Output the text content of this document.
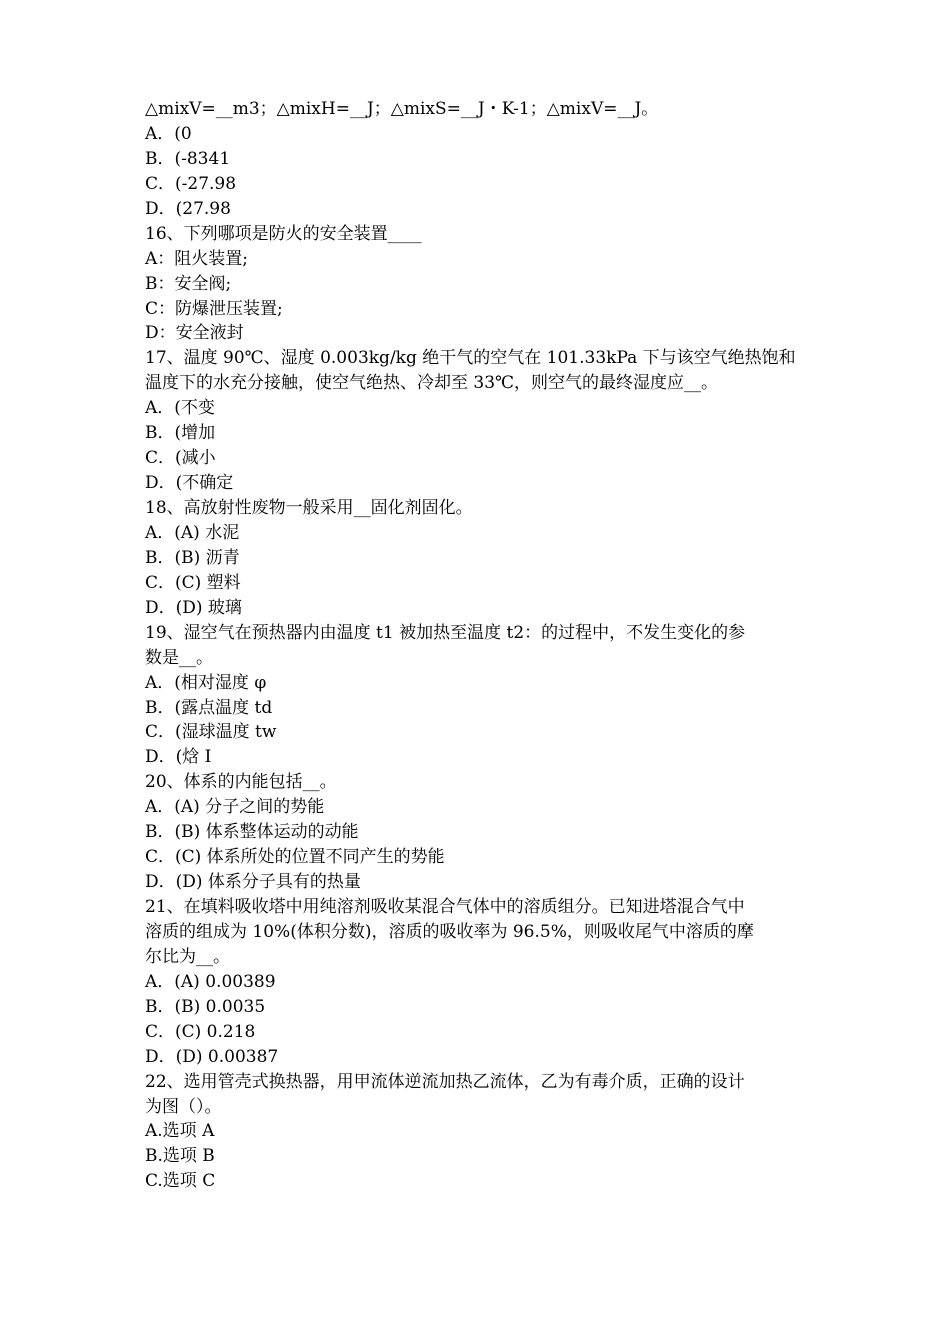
△mixV=__m3；△mixH=__J；△mixS=__J・K-1；△mixV=__J。
A．(0
B．(-8341
C．(-27.98
D．(27.98
16、下列哪项是防火的安全装置____
A：阻火装置;
B：安全阀;
C：防爆泄压装置;
D：安全液封
17、温度 90℃、湿度 0.003kg/kg 绝干气的空气在 101.33kPa 下与该空气绝热饱和
温度下的水充分接触，使空气绝热、冷却至 33℃，则空气的最终湿度应__。
A．(不变
B．(增加
C．(减小
D．(不确定
18、高放射性废物一般采用__固化剂固化。
A．(A) 水泥
B．(B) 沥青
C．(C) 塑料
D．(D) 玻璃
19、湿空气在预热器内由温度 t1 被加热至温度 t2：的过程中，不发生变化的参
数是__。
A．(相对湿度 φ
B．(露点温度 td
C．(湿球温度 tw
D．(焓 I
20、体系的内能包括__。
A．(A) 分子之间的势能
B．(B) 体系整体运动的动能
C．(C) 体系所处的位置不同产生的势能
D．(D) 体系分子具有的热量
21、在填料吸收塔中用纯溶剂吸收某混合气体中的溶质组分。已知进塔混合气中
溶质的组成为 10%(体积分数)，溶质的吸收率为 96.5%，则吸收尾气中溶质的摩
尔比为__。
A．(A) 0.00389
B．(B) 0.0035
C．(C) 0.218
D．(D) 0.00387
22、选用管壳式换热器，用甲流体逆流加热乙流体，乙为有毒介质，正确的设计
为图（）。
A.选项 A
B.选项 B
C.选项 C
